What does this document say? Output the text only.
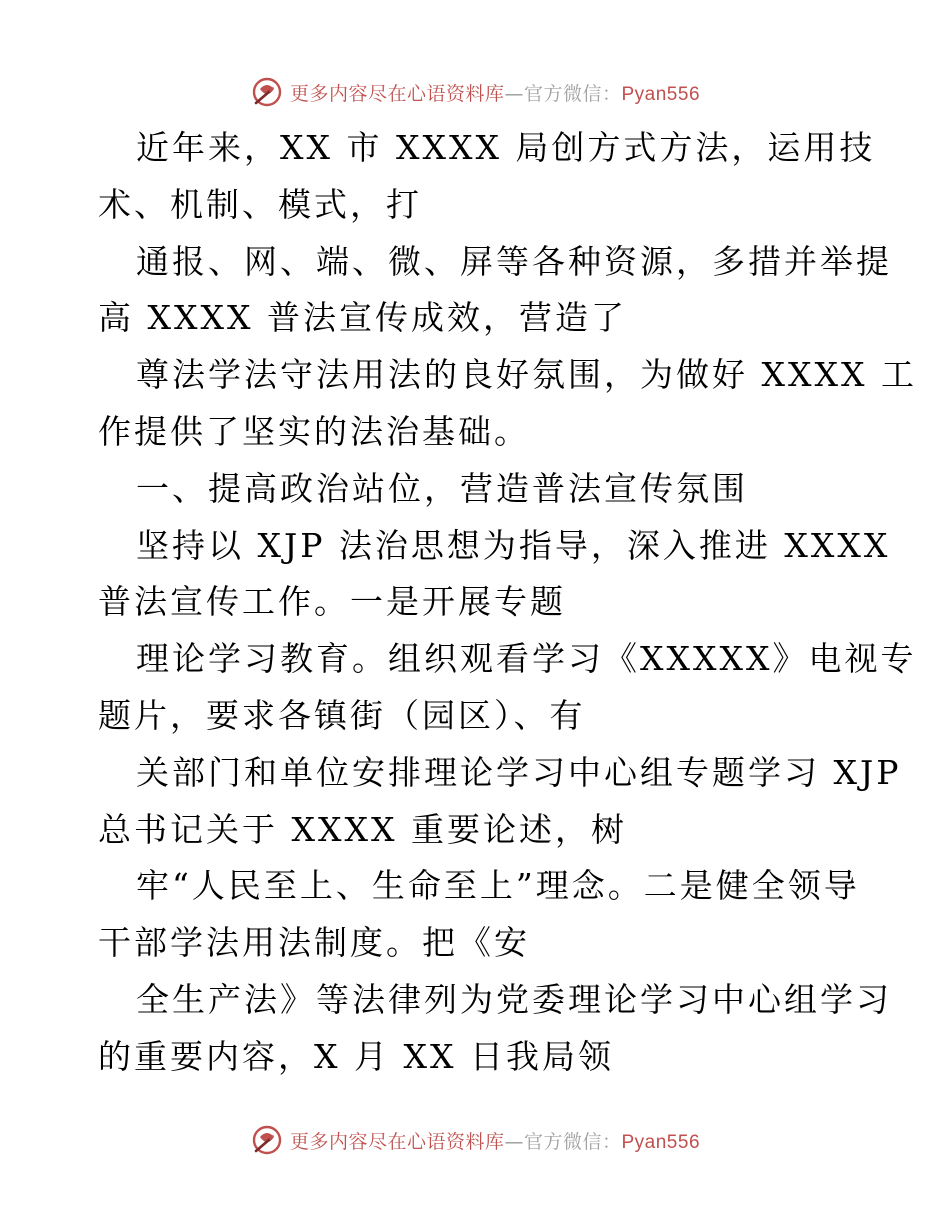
更多内容尽在心语资料库—官方微信：Pyan556
近年来，XX 市 XXXX 局创方式方法，运用技
术、机制、模式，打
通报、网、端、微、屏等各种资源，多措并举提
高 XXXX 普法宣传成效，营造了
尊法学法守法用法的良好氛围，为做好 XXXX 工
作提供了坚实的法治基础。
一、提高政治站位，营造普法宣传氛围
坚持以 XJP 法治思想为指导，深入推进 XXXX
普法宣传工作。一是开展专题
理论学习教育。组织观看学习《XXXXX》电视专
题片，要求各镇街（园区）、有
关部门和单位安排理论学习中心组专题学习 XJP
总书记关于 XXXX 重要论述，树
牢“人民至上、生命至上”理念。二是健全领导
干部学法用法制度。把《安
全生产法》等法律列为党委理论学习中心组学习
的重要内容，X 月 XX 日我局领
更多内容尽在心语资料库—官方微信：Pyan556
